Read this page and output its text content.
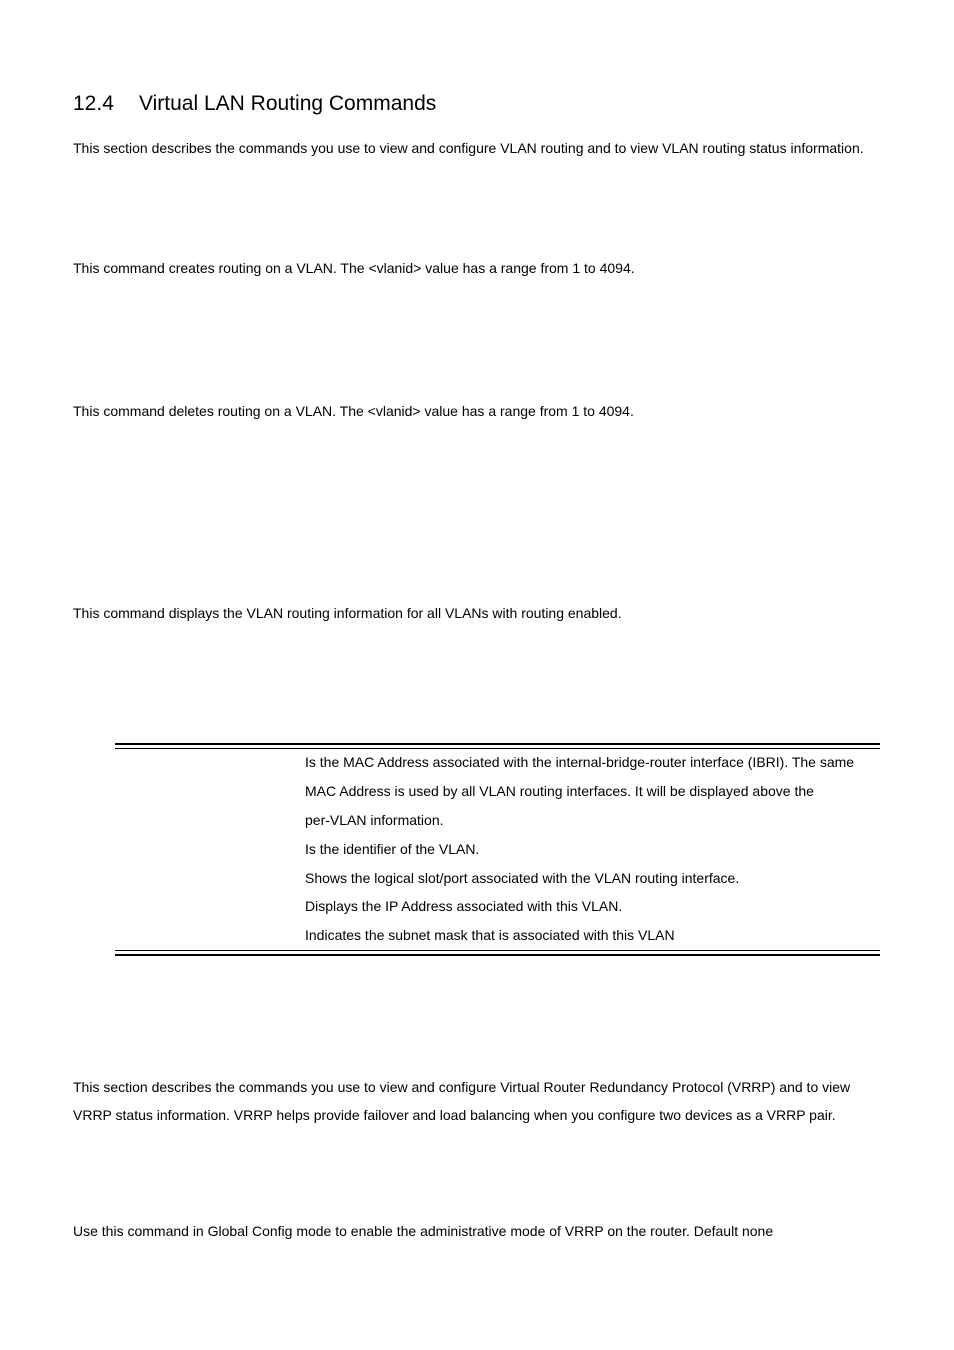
12.4 Virtual LAN Routing Commands
This section describes the commands you use to view and configure VLAN routing and to view VLAN routing status information.
This command creates routing on a VLAN. The <vlanid> value has a range from 1 to 4094.
This command deletes routing on a VLAN. The <vlanid> value has a range from 1 to 4094.
This command displays the VLAN routing information for all VLANs with routing enabled.
Is the MAC Address associated with the internal-bridge-router interface (IBRI). The same
MAC Address is used by all VLAN routing interfaces. It will be displayed above the
per-VLAN information.
Is the identifier of the VLAN.
Shows the logical slot/port associated with the VLAN routing interface.
Displays the IP Address associated with this VLAN.
Indicates the subnet mask that is associated with this VLAN
This section describes the commands you use to view and configure Virtual Router Redundancy Protocol (VRRP) and to view
VRRP status information. VRRP helps provide failover and load balancing when you configure two devices as a VRRP pair.
Use this command in Global Config mode to enable the administrative mode of VRRP on the router. Default none
